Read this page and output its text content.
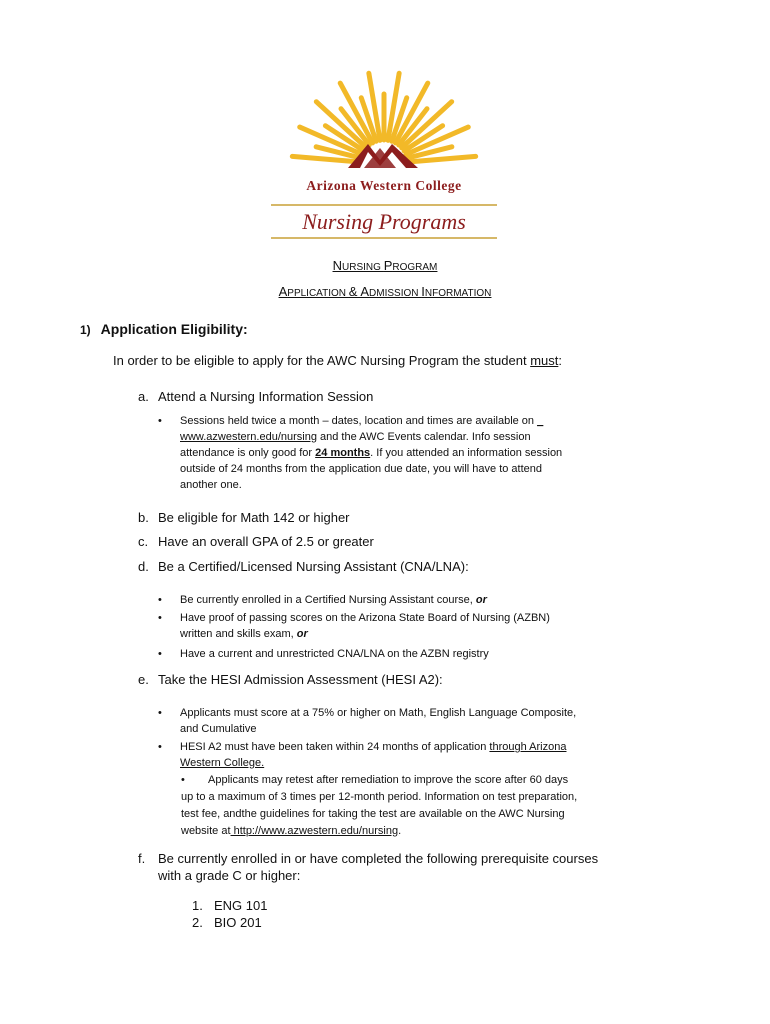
Arizona Western College
Nursing Programs
NURSING PROGRAM
APPLICATION & ADMISSION INFORMATION
1) Application Eligibility:
In order to be eligible to apply for the AWC Nursing Program the student must:
a. Attend a Nursing Information Session
• Sessions held twice a month – dates, location and times are available on _
www.azwestern.edu/nursing and the AWC Events calendar. Info session
attendance is only good for 24 months. If you attended an information session
outside of 24 months from the application due date, you will have to attend
another one.
b. Be eligible for Math 142 or higher
c. Have an overall GPA of 2.5 or greater
d. Be a Certified/Licensed Nursing Assistant (CNA/LNA):
• Be currently enrolled in a Certified Nursing Assistant course, or
• Have proof of passing scores on the Arizona State Board of Nursing (AZBN)
written and skills exam, or
• Have a current and unrestricted CNA/LNA on the AZBN registry
e. Take the HESI Admission Assessment (HESI A2):
• Applicants must score at a 75% or higher on Math, English Language Composite,
and Cumulative
• HESI A2 must have been taken within 24 months of application through Arizona
Western College.
• Applicants may retest after remediation to improve the score after 60 days
up to a maximum of 3 times per 12-month period. Information on test preparation,
test fee, andthe guidelines for taking the test are available on the AWC Nursing
website at http://www.azwestern.edu/nursing.
f. Be currently enrolled in or have completed the following prerequisite courses
with a grade C or higher:
1. ENG 101
2. BIO 201
